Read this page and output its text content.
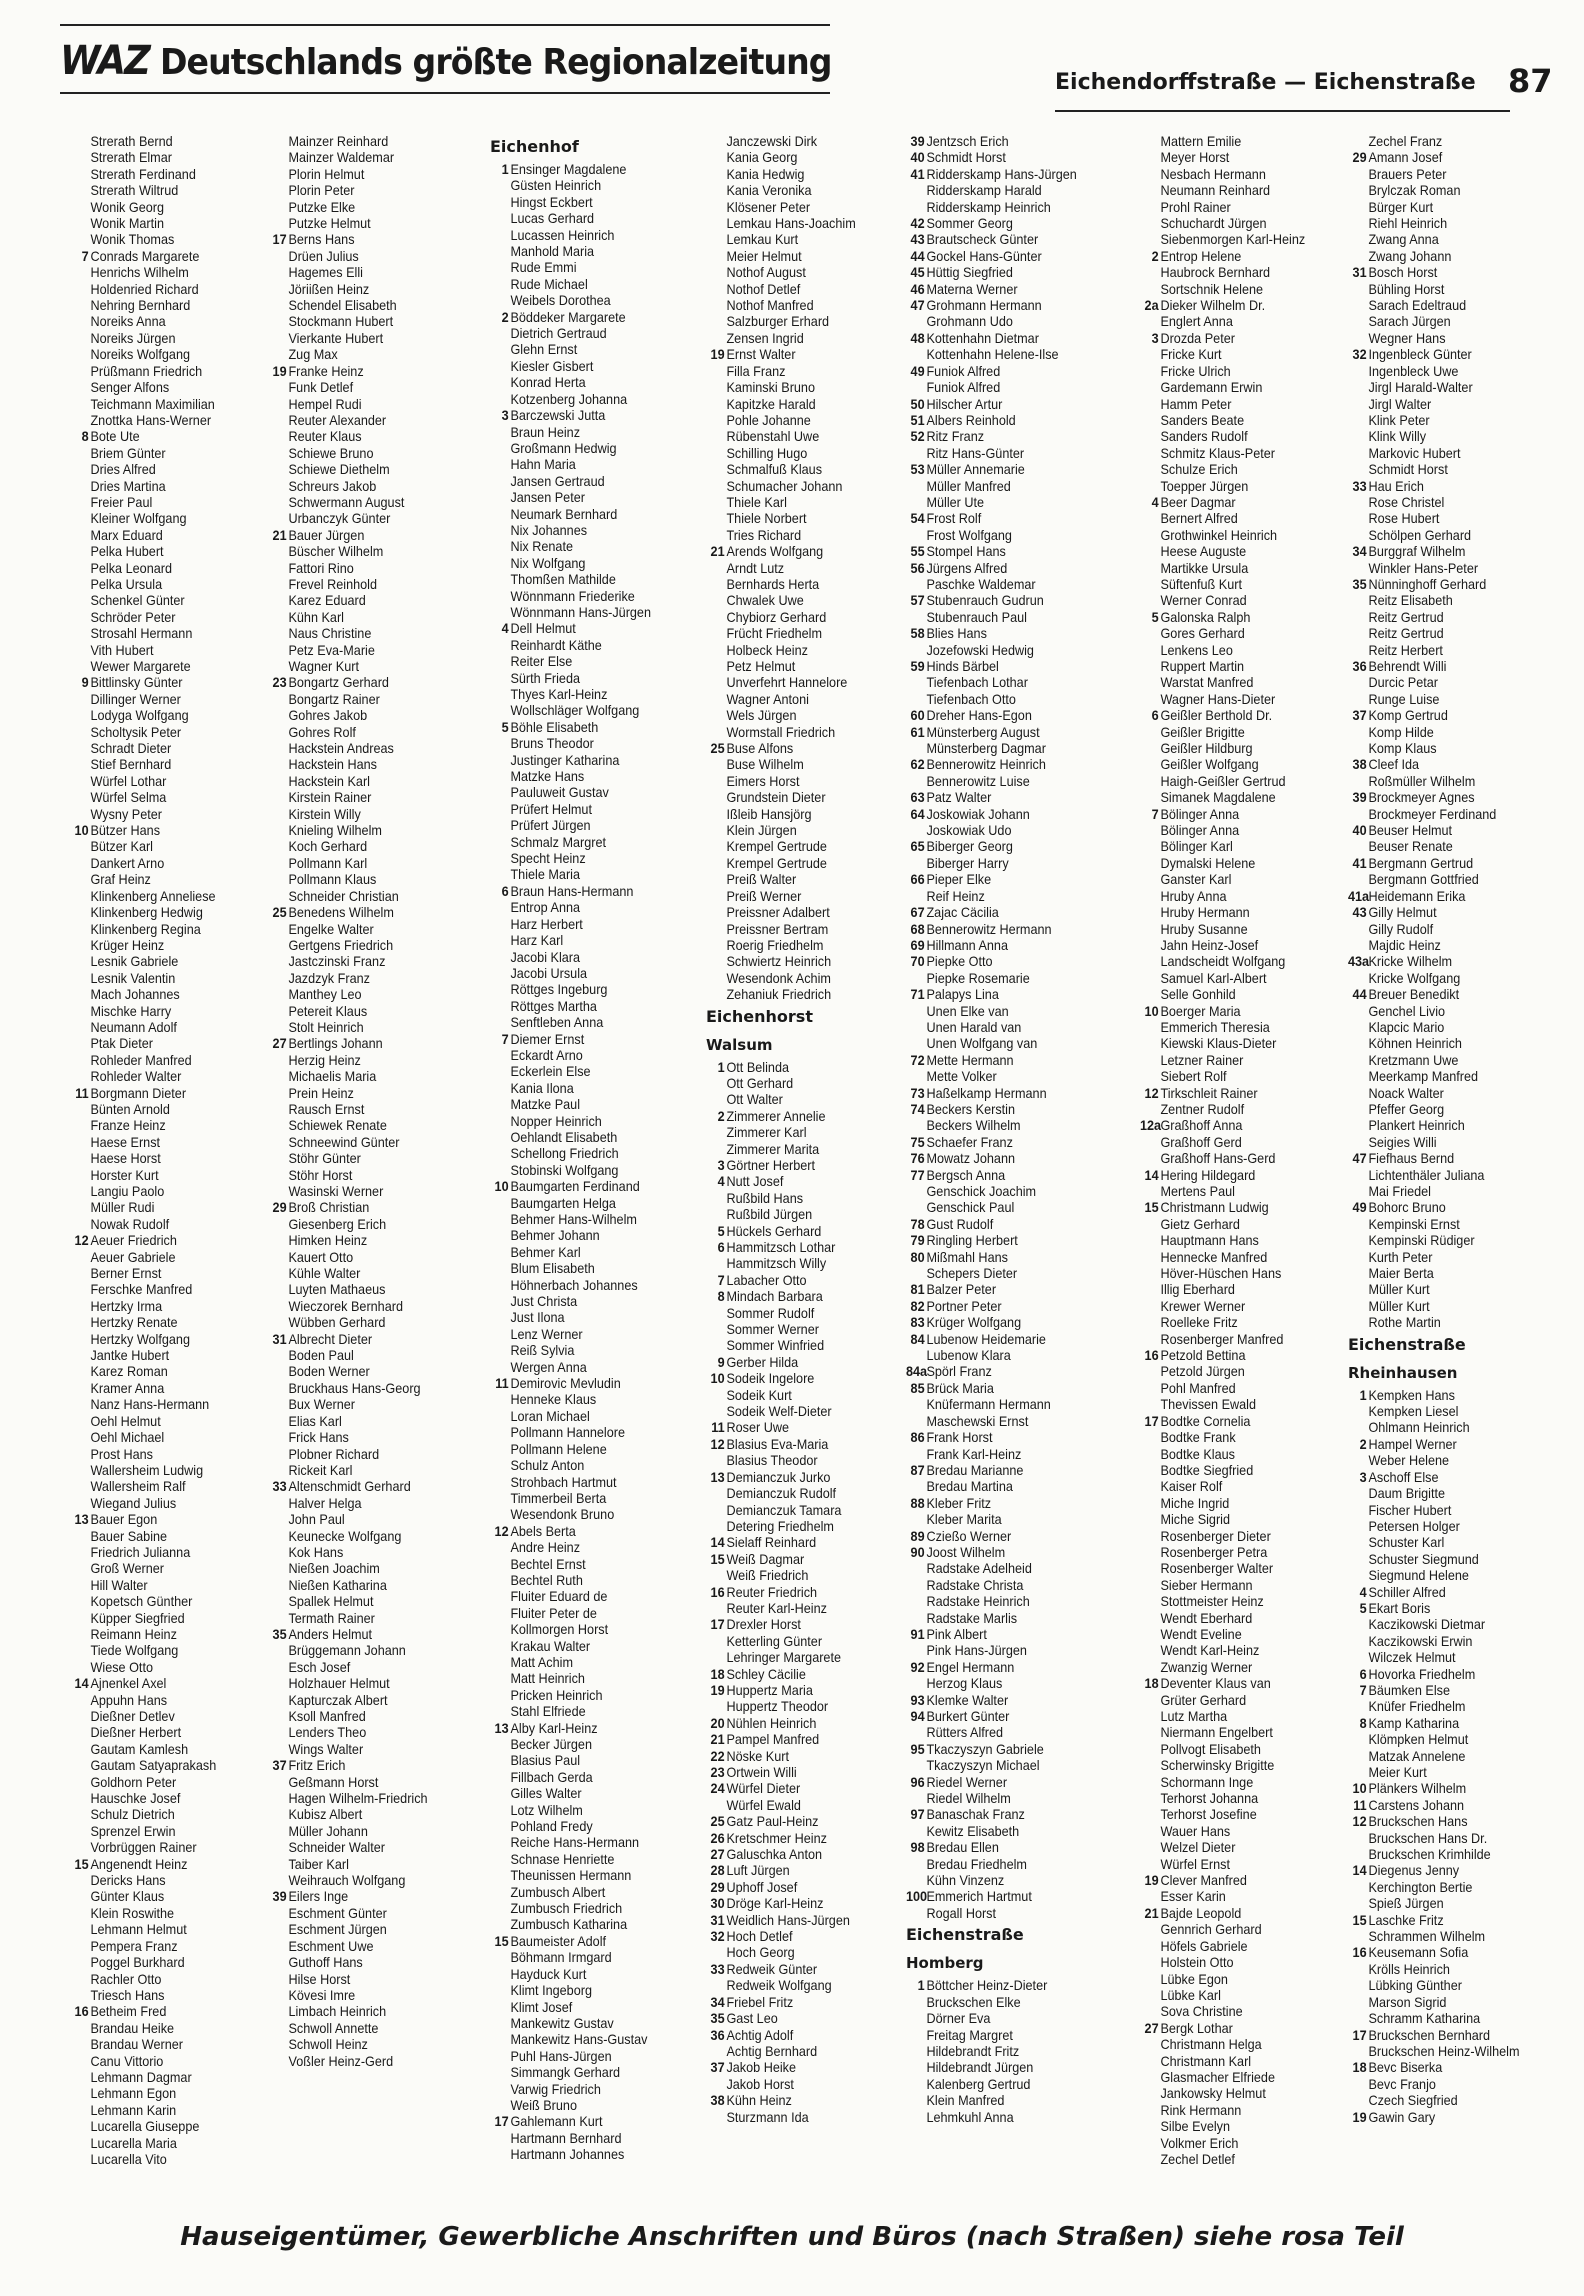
WAZ Deutschlands größte Regionalzeitung	Eichendorffstraße — Eichenstraße 87
Strerath Bernd
Strerath Elmar
Strerath Ferdinand
Strerath Wiltrud
Wonik Georg
Wonik Martin
Wonik Thomas
7 Conrads Margarete
Henrichs Wilhelm
Holdenried Richard
Nehring Bernhard
Noreiks Anna
Noreiks Jürgen
Noreiks Wolfgang
Prüßmann Friedrich
Senger Alfons
Teichmann Maximilian
Znottka Hans-Werner
8 Bote Ute
Briem Günter
Dries Alfred
Dries Martina
Freier Paul
Kleiner Wolfgang
Marx Eduard
Pelka Hubert
Pelka Leonard
Pelka Ursula
Schenkel Günter
Schröder Peter
Strosahl Hermann
Vith Hubert
Wewer Margarete
9 Bittlinsky Günter
Dillinger Werner
Lodyga Wolfgang
Scholtysik Peter
Schradt Dieter
Stief Bernhard
Würfel Lothar
Würfel Selma
Wysny Peter
10 Bützer Hans
Bützer Karl
Dankert Arno
Graf Heinz
Klinkenberg Anneliese
Klinkenberg Hedwig
Klinkenberg Regina
Krüger Heinz
Lesnik Gabriele
Lesnik Valentin
Mach Johannes
Mischke Harry
Neumann Adolf
Ptak Dieter
Rohleder Manfred
Rohleder Walter
11 Borgmann Dieter
Bünten Arnold
Franze Heinz
Haese Ernst
Haese Horst
Horster Kurt
Langiu Paolo
Müller Rudi
Nowak Rudolf
12 Aeuer Friedrich
Aeuer Gabriele
Berner Ernst
Ferschke Manfred
Hertzky Irma
Hertzky Renate
Hertzky Wolfgang
Jantke Hubert
Karez Roman
Kramer Anna
Nanz Hans-Hermann
Oehl Helmut
Oehl Michael
Prost Hans
Wallersheim Ludwig
Wallersheim Ralf
Wiegand Julius
13 Bauer Egon
Bauer Sabine
Friedrich Julianna
Groß Werner
Hill Walter
Kopetsch Günther
Küpper Siegfried
Reimann Heinz
Tiede Wolfgang
Wiese Otto
14 Ajnenkel Axel
Appuhn Hans
Dießner Detlev
Dießner Herbert
Gautam Kamlesh
Gautam Satyaprakash
Goldhorn Peter
Hauschke Josef
Schulz Dietrich
Sprenzel Erwin
Vorbrüggen Rainer
15 Angenendt Heinz
Dericks Hans
Günter Klaus
Klein Roswithe
Lehmann Helmut
Pempera Franz
Poggel Burkhard
Rachler Otto
Triesch Hans
16 Betheim Fred
Brandau Heike
Brandau Werner
Canu Vittorio
Lehmann Dagmar
Lehmann Egon
Lehmann Karin
Lucarella Giuseppe
Lucarella Maria
Lucarella Vito
Mainzer Reinhard
Mainzer Waldemar
Plorin Helmut
Plorin Peter
Putzke Elke
Putzke Helmut
17 Berns Hans
Drüen Julius
Hagemes Elli
Jöriißen Heinz
Schendel Elisabeth
Stockmann Hubert
Vierkante Hubert
Zug Max
19 Franke Heinz
Funk Detlef
Hempel Rudi
Reuter Alexander
Reuter Klaus
Schiewe Bruno
Schiewe Diethelm
Schreurs Jakob
Schwermann August
Urbanczyk Günter
21 Bauer Jürgen
Büscher Wilhelm
Fattori Rino
Frevel Reinhold
Karez Eduard
Kühn Karl
Naus Christine
Petz Eva-Marie
Wagner Kurt
23 Bongartz Gerhard
Bongartz Rainer
Gohres Jakob
Gohres Rolf
Hackstein Andreas
Hackstein Hans
Hackstein Karl
Kirstein Rainer
Kirstein Willy
Knieling Wilhelm
Koch Gerhard
Pollmann Karl
Pollmann Klaus
Schneider Christian
25 Benedens Wilhelm
Engelke Walter
Gertgens Friedrich
Jastczinski Franz
Jazdzyk Franz
Manthey Leo
Petereit Klaus
Stolt Heinrich
27 Bertlings Johann
Herzig Heinz
Michaelis Maria
Prein Heinz
Rausch Ernst
Schiewek Renate
Schneewind Günter
Stöhr Günter
Stöhr Horst
Wasinski Werner
29 Broß Christian
Giesenberg Erich
Himken Heinz
Kauert Otto
Kühle Walter
Luyten Mathaeus
Wieczorek Bernhard
Wübben Gerhard
31 Albrecht Dieter
Boden Paul
Boden Werner
Bruckhaus Hans-Georg
Bux Werner
Elias Karl
Frick Hans
Plobner Richard
Rickeit Karl
33 Altenschmidt Gerhard
Halver Helga
John Paul
Keunecke Wolfgang
Kok Hans
Nießen Joachim
Nießen Katharina
Spallek Helmut
Termath Rainer
35 Anders Helmut
Brüggemann Johann
Esch Josef
Holzhauer Helmut
Kapturczak Albert
Ksoll Manfred
Lenders Theo
Wings Walter
37 Fritz Erich
Geßmann Horst
Hagen Wilhelm-Friedrich
Kubisz Albert
Müller Johann
Schneider Walter
Taiber Karl
Weihrauch Wolfgang
39 Eilers Inge
Eschment Günter
Eschment Jürgen
Eschment Uwe
Guthoff Hans
Hilse Horst
Kövesi Imre
Limbach Heinrich
Schwoll Annette
Schwoll Heinz
Voßler Heinz-Gerd
Eichenhof
1 Ensinger Magdalene
Güsten Heinrich
Hingst Eckbert
Lucas Gerhard
Lucassen Heinrich
Manhold Maria
Rude Emmi
Rude Michael
Weibels Dorothea
2 Böddeker Margarete
Dietrich Gertraud
Glehn Ernst
Kiesler Gisbert
Konrad Herta
Kotzenberg Johanna
3 Barczewski Jutta
Braun Heinz
Großmann Hedwig
Hahn Maria
Jansen Gertraud
Jansen Peter
Neumark Bernhard
Nix Johannes
Nix Renate
Nix Wolfgang
Thomßen Mathilde
Wönnmann Friederike
Wönnmann Hans-Jürgen
4 Dell Helmut
Reinhardt Käthe
Reiter Else
Sürth Frieda
Thyes Karl-Heinz
Wollschläger Wolfgang
5 Böhle Elisabeth
Bruns Theodor
Justinger Katharina
Matzke Hans
Pauluweit Gustav
Prüfert Helmut
Prüfert Jürgen
Schmalz Margret
Specht Heinz
Thiele Maria
6 Braun Hans-Hermann
Entrop Anna
Harz Herbert
Harz Karl
Jacobi Klara
Jacobi Ursula
Röttges Ingeburg
Röttges Martha
Senftleben Anna
7 Diemer Ernst
Eckardt Arno
Eckerlein Else
Kania Ilona
Matzke Paul
Nopper Heinrich
Oehlandt Elisabeth
Schellong Friedrich
Stobinski Wolfgang
10 Baumgarten Ferdinand
Baumgarten Helga
Behmer Hans-Wilhelm
Behmer Johann
Behmer Karl
Blum Elisabeth
Höhnerbach Johannes
Just Christa
Just Ilona
Lenz Werner
Reiß Sylvia
Wergen Anna
11 Demirovic Mevludin
Henneke Klaus
Loran Michael
Pollmann Hannelore
Pollmann Helene
Schulz Anton
Strohbach Hartmut
Timmerbeil Berta
Wesendonk Bruno
12 Abels Berta
Andre Heinz
Bechtel Ernst
Bechtel Ruth
Fluiter Eduard de
Fluiter Peter de
Kollmorgen Horst
Krakau Walter
Matt Achim
Matt Heinrich
Pricken Heinrich
Stahl Elfriede
13 Alby Karl-Heinz
Becker Jürgen
Blasius Paul
Fillbach Gerda
Gilles Walter
Lotz Wilhelm
Pohland Fredy
Reiche Hans-Hermann
Schnase Henriette
Theunissen Hermann
Zumbusch Albert
Zumbusch Friedrich
Zumbusch Katharina
15 Baumeister Adolf
Böhmann Irmgard
Hayduck Kurt
Klimt Ingeborg
Klimt Josef
Mankewitz Gustav
Mankewitz Hans-Gustav
Puhl Hans-Jürgen
Simmangk Gerhard
Varwig Friedrich
Weiß Bruno
17 Gahlemann Kurt
Hartmann Bernhard
Hartmann Johannes
Janczewski Dirk
Kania Georg
Kania Hedwig
Kania Veronika
Klösener Peter
Lemkau Hans-Joachim
Lemkau Kurt
Meier Helmut
Nothof August
Nothof Detlef
Nothof Manfred
Salzburger Erhard
Zensen Ingrid
19 Ernst Walter
Filla Franz
Kaminski Bruno
Kapitzke Harald
Pohle Johanne
Rübenstahl Uwe
Schilling Hugo
Schmalfuß Klaus
Schumacher Johann
Thiele Karl
Thiele Norbert
Tries Richard
21 Arends Wolfgang
Arndt Lutz
Bernhards Herta
Chwalek Uwe
Chybiorz Gerhard
Frücht Friedhelm
Holbeck Heinz
Petz Helmut
Unverfehrt Hannelore
Wagner Antoni
Wels Jürgen
Wormstall Friedrich
25 Buse Alfons
Buse Wilhelm
Eimers Horst
Grundstein Dieter
Ißleib Hansjörg
Klein Jürgen
Krempel Gertrude
Krempel Gertrude
Preiß Walter
Preiß Werner
Preissner Adalbert
Preissner Bertram
Roerig Friedhelm
Schwiertz Heinrich
Wesendonk Achim
Zehaniuk Friedrich
Eichenhorst
Walsum
1 Ott Belinda
Ott Gerhard
Ott Walter
2 Zimmerer Annelie
Zimmerer Karl
Zimmerer Marita
3 Görtner Herbert
4 Nutt Josef
Rußbild Hans
Rußbild Jürgen
5 Hückels Gerhard
6 Hammitzsch Lothar
Hammitzsch Willy
7 Labacher Otto
8 Mindach Barbara
Sommer Rudolf
Sommer Werner
Sommer Winfried
9 Gerber Hilda
10 Sodeik Ingelore
Sodeik Kurt
Sodeik Welf-Dieter
11 Roser Uwe
12 Blasius Eva-Maria
Blasius Theodor
13 Demianczuk Jurko
Demianczuk Rudolf
Demianczuk Tamara
Detering Friedhelm
14 Sielaff Reinhard
15 Weiß Dagmar
Weiß Friedrich
16 Reuter Friedrich
Reuter Karl-Heinz
17 Drexler Horst
Ketterling Günter
Lehringer Margarete
18 Schley Cäcilie
19 Huppertz Maria
Huppertz Theodor
20 Nühlen Heinrich
21 Pampel Manfred
22 Nöske Kurt
23 Ortwein Willi
24 Würfel Dieter
Würfel Ewald
25 Gatz Paul-Heinz
26 Kretschmer Heinz
27 Galuschka Anton
28 Luft Jürgen
29 Uphoff Josef
30 Dröge Karl-Heinz
31 Weidlich Hans-Jürgen
32 Hoch Detlef
Hoch Georg
33 Redweik Günter
Redweik Wolfgang
34 Friebel Fritz
35 Gast Leo
36 Achtig Adolf
Achtig Bernhard
37 Jakob Heike
Jakob Horst
38 Kühn Heinz
Sturzmann Ida
39 Jentzsch Erich
40 Schmidt Horst
41 Ridderskamp Hans-Jürgen
Ridderskamp Harald
Ridderskamp Heinrich
42 Sommer Georg
43 Brautscheck Günter
44 Gockel Hans-Günter
45 Hüttig Siegfried
46 Materna Werner
47 Grohmann Hermann
Grohmann Udo
48 Kottenhahn Dietmar
Kottenhahn Helene-Ilse
49 Funiok Alfred
Funiok Alfred
50 Hilscher Artur
51 Albers Reinhold
52 Ritz Franz
Ritz Hans-Günter
53 Müller Annemarie
Müller Manfred
Müller Ute
54 Frost Rolf
Frost Wolfgang
55 Stompel Hans
56 Jürgens Alfred
Paschke Waldemar
57 Stubenrauch Gudrun
Stubenrauch Paul
58 Blies Hans
Jozefowski Hedwig
59 Hinds Bärbel
Tiefenbach Lothar
Tiefenbach Otto
60 Dreher Hans-Egon
61 Münsterberg August
Münsterberg Dagmar
62 Bennerowitz Heinrich
Bennerowitz Luise
63 Patz Walter
64 Joskowiak Johann
Joskowiak Udo
65 Biberger Georg
Biberger Harry
66 Pieper Elke
Reif Heinz
67 Zajac Cäcilia
68 Bennerowitz Hermann
69 Hillmann Anna
70 Piepke Otto
Piepke Rosemarie
71 Palapys Lina
Unen Elke van
Unen Harald van
Unen Wolfgang van
72 Mette Hermann
Mette Volker
73 Haßelkamp Hermann
74 Beckers Kerstin
Beckers Wilhelm
75 Schaefer Franz
76 Mowatz Johann
77 Bergsch Anna
Genschick Joachim
Genschick Paul
78 Gust Rudolf
79 Ringling Herbert
80 Mißmahl Hans
Schepers Dieter
81 Balzer Peter
82 Portner Peter
83 Krüger Wolfgang
84 Lubenow Heidemarie
Lubenow Klara
84a Spörl Franz
85 Brück Maria
Knüfermann Hermann
Maschewski Ernst
86 Frank Horst
Frank Karl-Heinz
87 Bredau Marianne
Bredau Martina
88 Kleber Fritz
Kleber Marita
89 Czießo Werner
90 Joost Wilhelm
Radstake Adelheid
Radstake Christa
Radstake Heinrich
Radstake Marlis
91 Pink Albert
Pink Hans-Jürgen
92 Engel Hermann
Herzog Klaus
93 Klemke Walter
94 Burkert Günter
Rütters Alfred
95 Tkaczyszyn Gabriele
Tkaczyszyn Michael
96 Riedel Werner
Riedel Wilhelm
97 Banaschak Franz
Kewitz Elisabeth
98 Bredau Ellen
Bredau Friedhelm
Kühn Vinzenz
100 Emmerich Hartmut
Rogall Horst
Eichenstraße
Homberg
1 Böttcher Heinz-Dieter
Bruckschen Elke
Dörner Eva
Freitag Margret
Hildebrandt Fritz
Hildebrandt Jürgen
Kalenberg Gertrud
Klein Manfred
Lehmkuhl Anna
Mattern Emilie
Meyer Horst
Nesbach Hermann
Neumann Reinhard
Prohl Rainer
Schuchardt Jürgen
Siebenmorgen Karl-Heinz
2 Entrop Helene
Haubrock Bernhard
Sortschnik Helene
2a Dieker Wilhelm Dr.
Englert Anna
3 Drozda Peter
Fricke Kurt
Fricke Ulrich
Gardemann Erwin
Hamm Peter
Sanders Beate
Sanders Rudolf
Schmitz Klaus-Peter
Schulze Erich
Toepper Jürgen
4 Beer Dagmar
Bernert Alfred
Grothwinkel Heinrich
Heese Auguste
Martikke Ursula
Süftenfuß Kurt
Werner Conrad
5 Galonska Ralph
Gores Gerhard
Lenkens Leo
Ruppert Martin
Warstat Manfred
Wagner Hans-Dieter
6 Geißler Berthold Dr.
Geißler Brigitte
Geißler Hildburg
Geißler Wolfgang
Haigh-Geißler Gertrud
Simanek Magdalene
7 Bölinger Anna
Bölinger Anna
Bölinger Karl
Dymalski Helene
Ganster Karl
Hruby Anna
Hruby Hermann
Hruby Susanne
Jahn Heinz-Josef
Landscheidt Wolfgang
Samuel Karl-Albert
Selle Gonhild
10 Boerger Maria
Emmerich Theresia
Kiewski Klaus-Dieter
Letzner Rainer
Siebert Rolf
12 Tirkschleit Rainer
Zentner Rudolf
12a Graßhoff Anna
Graßhoff Gerd
Graßhoff Hans-Gerd
14 Hering Hildegard
Mertens Paul
15 Christmann Ludwig
Gietz Gerhard
Hauptmann Hans
Hennecke Manfred
Höver-Hüschen Hans
Illig Eberhard
Krewer Werner
Roelleke Fritz
Rosenberger Manfred
16 Petzold Bettina
Petzold Jürgen
Pohl Manfred
Thevissen Ewald
17 Bodtke Cornelia
Bodtke Frank
Bodtke Klaus
Bodtke Siegfried
Kaiser Rolf
Miche Ingrid
Miche Sigrid
Rosenberger Dieter
Rosenberger Petra
Rosenberger Walter
Sieber Hermann
Stottmeister Heinz
Wendt Eberhard
Wendt Eveline
Wendt Karl-Heinz
Zwanzig Werner
18 Deventer Klaus van
Grüter Gerhard
Lutz Martha
Niermann Engelbert
Pollvogt Elisabeth
Scherwinsky Brigitte
Schormann Inge
Terhorst Johanna
Terhorst Josefine
Wauer Hans
Welzel Dieter
Würfel Ernst
19 Clever Manfred
Esser Karin
21 Bajde Leopold
Gennrich Gerhard
Höfels Gabriele
Holstein Otto
Lübke Egon
Lübke Karl
Sova Christine
27 Bergk Lothar
Christmann Helga
Christmann Karl
Glasmacher Elfriede
Jankowsky Helmut
Rink Hermann
Silbe Evelyn
Volkmer Erich
Zechel Detlef
Zechel Franz
29 Amann Josef
Brauers Peter
Brylczak Roman
Bürger Kurt
Riehl Heinrich
Zwang Anna
Zwang Johann
31 Bosch Horst
Bühling Horst
Sarach Edeltraud
Sarach Jürgen
Wegner Hans
32 Ingenbleck Günter
Ingenbleck Uwe
Jirgl Harald-Walter
Jirgl Walter
Klink Peter
Klink Willy
Markovic Hubert
Schmidt Horst
33 Hau Erich
Rose Christel
Rose Hubert
Schölpen Gerhard
34 Burggraf Wilhelm
Winkler Hans-Peter
35 Nünninghoff Gerhard
Reitz Elisabeth
Reitz Gertrud
Reitz Gertrud
Reitz Herbert
36 Behrendt Willi
Durcic Petar
Runge Luise
37 Komp Gertrud
Komp Hilde
Komp Klaus
38 Cleef Ida
Roßmüller Wilhelm
39 Brockmeyer Agnes
Brockmeyer Ferdinand
40 Beuser Helmut
Beuser Renate
41 Bergmann Gertrud
Bergmann Gottfried
41a Heidemann Erika
43 Gilly Helmut
Gilly Rudolf
Majdic Heinz
43a Kricke Wilhelm
Kricke Wolfgang
44 Breuer Benedikt
Genchel Livio
Klapcic Mario
Köhnen Heinrich
Kretzmann Uwe
Meerkamp Manfred
Noack Walter
Pfeffer Georg
Plankert Heinrich
Seigies Willi
47 Fiefhaus Bernd
Lichtenthäler Juliana
Mai Friedel
49 Bohorc Bruno
Kempinski Ernst
Kempinski Rüdiger
Kurth Peter
Maier Berta
Müller Kurt
Müller Kurt
Rothe Martin
Eichenstraße
Rheinhausen
1 Kempken Hans
Kempken Liesel
Ohlmann Heinrich
2 Hampel Werner
Weber Helene
3 Aschoff Else
Daum Brigitte
Fischer Hubert
Petersen Holger
Schuster Karl
Schuster Siegmund
Siegmund Helene
4 Schiller Alfred
5 Ekart Boris
Kaczikowski Dietmar
Kaczikowski Erwin
Wilczek Helmut
6 Hovorka Friedhelm
7 Bäumken Else
Knüfer Friedhelm
8 Kamp Katharina
Klömpken Helmut
Matzak Annelene
Meier Kurt
10 Plänkers Wilhelm
11 Carstens Johann
12 Bruckschen Hans
Bruckschen Hans Dr.
Bruckschen Krimhilde
14 Diegenus Jenny
Kerchington Bertie
Spieß Jürgen
15 Laschke Fritz
Schrammen Wilhelm
16 Keusemann Sofia
Krölls Heinrich
Lübking Günther
Marson Sigrid
Schramm Katharina
17 Bruckschen Bernhard
Bruckschen Heinz-Wilhelm
18 Bevc Biserka
Bevc Franjo
Czech Siegfried
19 Gawin Gary
Hauseigentümer, Gewerbliche Anschriften und Büros (nach Straßen) siehe rosa Teil
